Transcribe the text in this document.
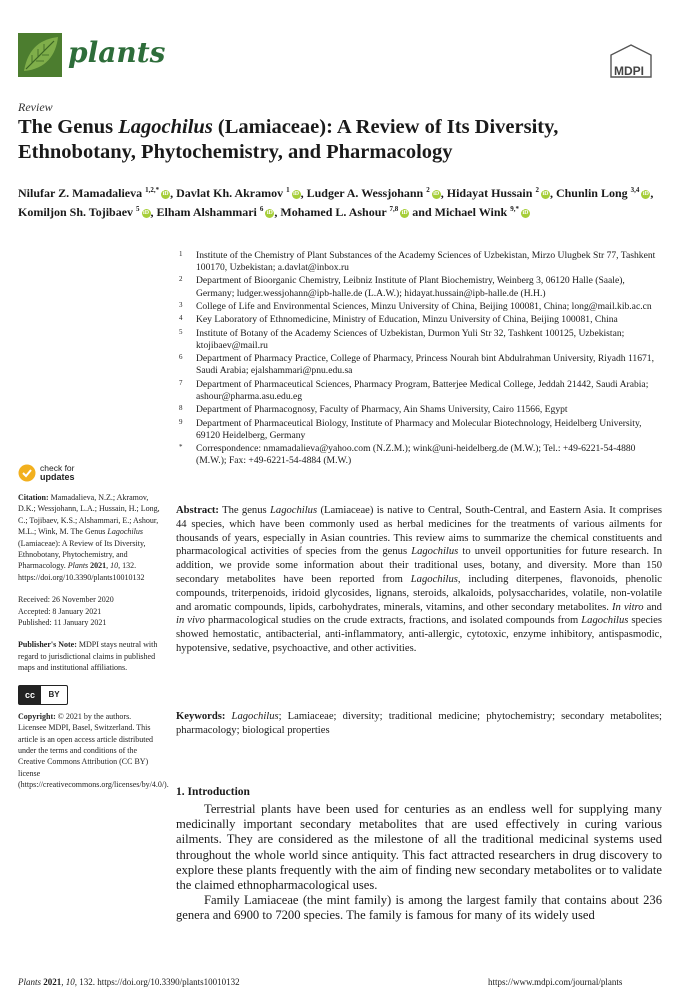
plants
MDPI
Review
The Genus Lagochilus (Lamiaceae): A Review of Its Diversity, Ethnobotany, Phytochemistry, and Pharmacology
Nilufar Z. Mamadalieva $^{1,2,*}$ iD , Davlat Kh. Akramov $^1$ iD , Ludger A. Wessjohann $^2$ iD , Hidayat Hussain $^2$ iD , Chunlin Long $^{3,4}$ iD , Komiljon Sh. Tojibaev $^5$ iD , Elham Alshammari $^6$ iD , Mohamed L. Ashour $^{7,8}$ iD and Michael Wink $^{9,*}$ iD
1 Institute of the Chemistry of Plant Substances of the Academy Sciences of Uzbekistan, Mirzo Ulugbek Str 77, Tashkent 100170, Uzbekistan; a.davlat@inbox.ru
2 Department of Bioorganic Chemistry, Leibniz Institute of Plant Biochemistry, Weinberg 3, 06120 Halle (Saale), Germany; ludger.wessjohann@ipb-halle.de (L.A.W.); hidayat.hussain@ipb-halle.de (H.H.)
3 College of Life and Environmental Sciences, Minzu University of China, Beijing 100081, China; long@mail.kib.ac.cn
4 Key Laboratory of Ethnomedicine, Ministry of Education, Minzu University of China, Beijing 100081, China
5 Institute of Botany of the Academy Sciences of Uzbekistan, Durmon Yuli Str 32, Tashkent 100125, Uzbekistan; ktojibaev@mail.ru
6 Department of Pharmacy Practice, College of Pharmacy, Princess Nourah bint Abdulrahman University, Riyadh 11671, Saudi Arabia; ejalshammari@pnu.edu.sa
7 Department of Pharmaceutical Sciences, Pharmacy Program, Batterjee Medical College, Jeddah 21442, Saudi Arabia; ashour@pharma.asu.edu.eg
8 Department of Pharmacognosy, Faculty of Pharmacy, Ain Shams University, Cairo 11566, Egypt
9 Department of Pharmaceutical Biology, Institute of Pharmacy and Molecular Biotechnology, Heidelberg University, 69120 Heidelberg, Germany
* Correspondence: nmamadalieva@yahoo.com (N.Z.M.); wink@uni-heidelberg.de (M.W.); Tel.: +49-6221-54-4880 (M.W.); Fax: +49-6221-54-4884 (M.W.)
check for
updates
Citation: Mamadalieva, N.Z.; Akramov, D.K.; Wessjohann, L.A.; Hussain, H.; Long, C.; Tojibaev, K.S.; Alshammari, E.; Ashour, M.L.; Wink, M. The Genus Lagochilus (Lamiaceae): A Review of Its Diversity, Ethnobotany, Phytochemistry, and Pharmacology. Plants 2021, 10, 132. https://doi.org/10.3390/plants10010132
Received: 26 November 2020
Accepted: 8 January 2021
Published: 11 January 2021
Publisher's Note: MDPI stays neutral with regard to jurisdictional claims in published maps and institutional affiliations.
cc	BY
Copyright: © 2021 by the authors. Licensee MDPI, Basel, Switzerland. This article is an open access article distributed under the terms and conditions of the Creative Commons Attribution (CC BY) license (https://creativecommons.org/licenses/by/4.0/).
Abstract: The genus Lagochilus (Lamiaceae) is native to Central, South-Central, and Eastern Asia. It comprises 44 species, which have been commonly used as herbal medicines for the treatments of various ailments for thousands of years, especially in Asian countries. This review aims to summarize the chemical constituents and pharmacological activities of species from the genus Lagochilus to unveil opportunities for future research. In addition, we provide some information about their traditional uses, botany, and diversity. More than 150 secondary metabolites have been reported from Lagochilus, including diterpenes, flavonoids, phenolic compounds, triterpenoids, iridoid glycosides, lignans, steroids, alkaloids, polysaccharides, volatile, non-volatile and aromatic compounds, lipids, carbohydrates, minerals, vitamins, and other secondary metabolites. In vitro and in vivo pharmacological studies on the crude extracts, fractions, and isolated compounds from Lagochilus species showed hemostatic, antibacterial, anti-inflammatory, anti-allergic, cytotoxic, enzyme inhibitory, antispasmodic, hypotensive, sedative, psychoactive, and other activities.
Keywords: Lagochilus; Lamiaceae; diversity; traditional medicine; phytochemistry; secondary metabolites; pharmacology; biological properties
1. Introduction

Terrestrial plants have been used for centuries as an endless well for supplying many medicinally important secondary metabolites that are used effectively in curing various ailments. They are considered as the milestone of all the traditional medicinal systems used throughout the whole world since antiquity. This fact attracted researchers in drug discovery to explore these plants frequently with the aim of finding new secondary metabolites or to validate the claimed ethnopharmacological uses.

Family Lamiaceae (the mint family) is among the largest family that contains about 236 genera and 6900 to 7200 species. The family is famous for many of its widely used

Plants 2021, 10, 132. https://doi.org/10.3390/plants10010132	https://www.mdpi.com/journal/plants
